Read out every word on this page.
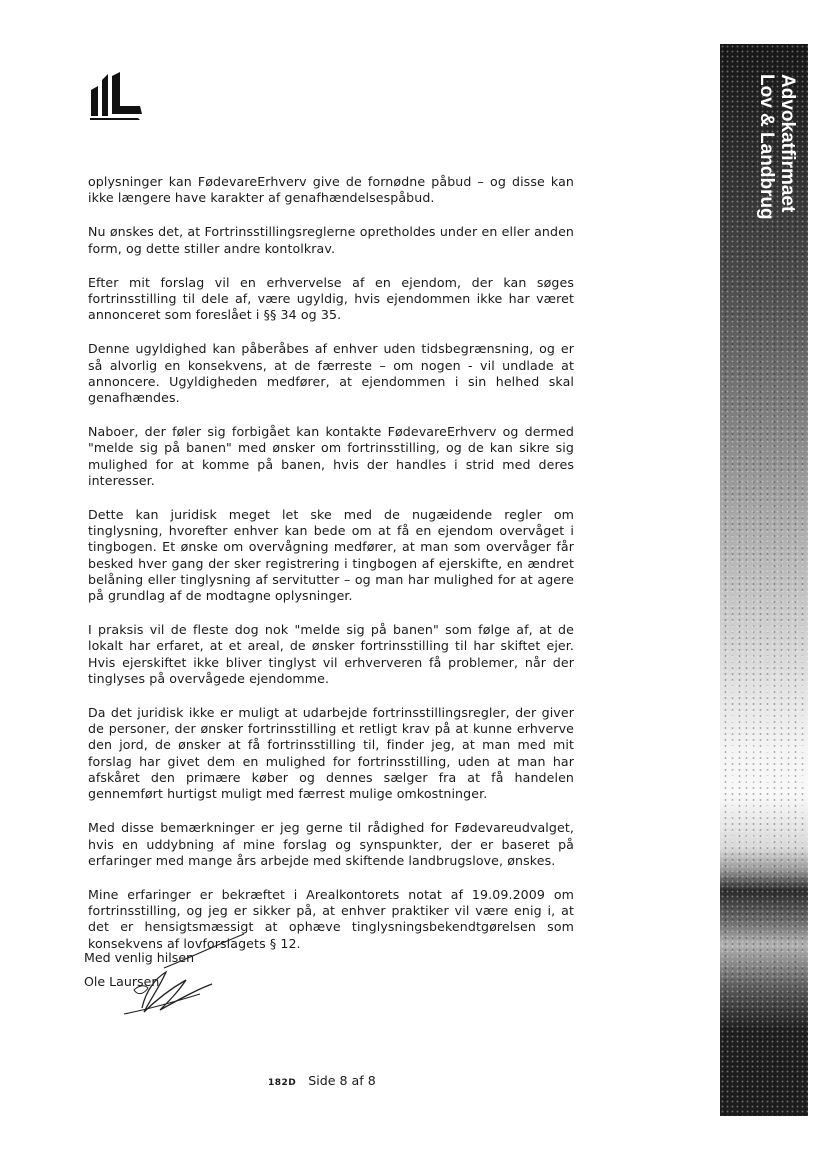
Advokatfirmaet
Lov & Landbrug

oplysninger kan FødevareErhverv give de fornødne påbud – og disse kan ikke længere have karakter af genafhændelsespåbud.

Nu ønskes det, at Fortrinsstillingsreglerne opretholdes under en eller anden form, og dette stiller andre kontolkrav.

Efter mit forslag vil en erhvervelse af en ejendom, der kan søges fortrinsstilling til dele af, være ugyldig, hvis ejendommen ikke har været annonceret som foreslået i §§ 34 og 35.

Denne ugyldighed kan påberåbes af enhver uden tidsbegrænsning, og er så alvorlig en konsekvens, at de færreste – om nogen - vil undlade at annoncere. Ugyldigheden medfører, at ejendommen i sin helhed skal genafhændes.

Naboer, der føler sig forbigået kan kontakte FødevareErhverv og dermed "melde sig på banen" med ønsker om fortrinsstilling, og de kan sikre sig mulighed for at komme på banen, hvis der handles i strid med deres interesser.

Dette kan juridisk meget let ske med de nugæidende regler om tinglysning, hvorefter enhver kan bede om at få en ejendom overvåget i tingbogen. Et ønske om overvågning medfører, at man som overvåger får besked hver gang der sker registrering i tingbogen af ejerskifte, en ændret belåning eller tinglysning af servitutter – og man har mulighed for at agere på grundlag af de modtagne oplysninger.

I praksis vil de fleste dog nok "melde sig på banen" som følge af, at de lokalt har erfaret, at et areal, de ønsker fortrinsstilling til har skiftet ejer. Hvis ejerskiftet ikke bliver tinglyst vil erhververen få problemer, når der tinglyses på overvågede ejendomme.

Da det juridisk ikke er muligt at udarbejde fortrinsstillingsregler, der giver de personer, der ønsker fortrinsstilling et retligt krav på at kunne erhverve den jord, de ønsker at få fortrinsstilling til, finder jeg, at man med mit forslag har givet dem en mulighed for fortrinsstilling, uden at man har afskåret den primære køber og dennes sælger fra at få handelen gennemført hurtigst muligt med færrest mulige omkostninger.

Med disse bemærkninger er jeg gerne til rådighed for Fødevareudvalget, hvis en uddybning af mine forslag og synspunkter, der er baseret på erfaringer med mange års arbejde med skiftende landbrugslove, ønskes.

Mine erfaringer er bekræftet i Arealkontorets notat af 19.09.2009 om fortrinsstilling, og jeg er sikker på, at enhver praktiker vil være enig i, at det er hensigtsmæssigt at ophæve tinglysningsbekendtgørelsen som konsekvens af lovforslagets § 12.

Med venlig hilsen
Ole Laursen
182D Side 8 af 8
